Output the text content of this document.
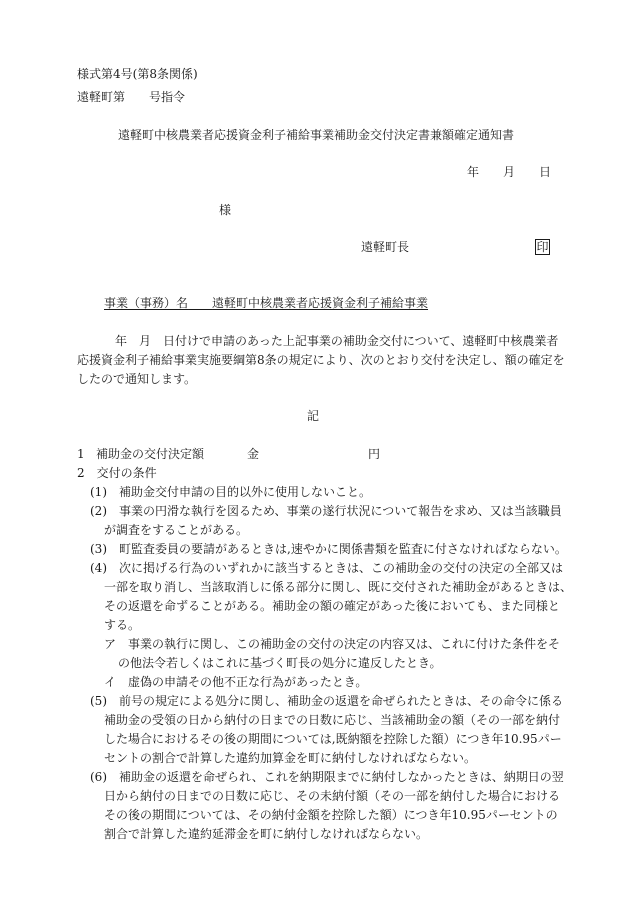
様式第4号(第8条関係)
遠軽町第　　号指令
遠軽町中核農業者応援資金利子補給事業補助金交付決定書兼額確定通知書
年　　月　　日
様
遠軽町長	印
事業（事務）名　　 遠軽町中核農業者応援資金利子補給事業
年　月　日付けで申請のあった上記事業の補助金交付について、遠軽町中核農業者
応援資金利子補給事業実施要綱第8条の規定により、次のとおり交付を決定し、額の確定を
したので通知します。
記
1 補助金の交付決定額	金	円
2　交付の条件
(1)　補助金交付申請の目的以外に使用しないこと。
(2)　事業の円滑な執行を図るため、事業の遂行状況について報告を求め、又は当該職員
が調査をすることがある。
(3)　町監査委員の要請があるときは,速やかに関係書類を監査に付さなければならない。
(4)　次に掲げる行為のいずれかに該当するときは、この補助金の交付の決定の全部又は
一部を取り消し、当該取消しに係る部分に関し、既に交付された補助金があるときは、
その返還を命ずることがある。補助金の額の確定があった後においても、また同様と
する。
ア　事業の執行に関し、この補助金の交付の決定の内容又は、これに付けた条件をそ
の他法令若しくはこれに基づく町長の処分に違反したとき。
イ　虚偽の申請その他不正な行為があったとき。
(5)　前号の規定による処分に関し、補助金の返還を命ぜられたときは、その命令に係る
補助金の受領の日から納付の日までの日数に応じ、当該補助金の額（その一部を納付
した場合におけるその後の期間については,既納額を控除した額）につき年10.95パー
セントの割合で計算した違約加算金を町に納付しなければならない。
(6)　補助金の返還を命ぜられ、これを納期限までに納付しなかったときは、納期日の翌
日から納付の日までの日数に応じ、その未納付額（その一部を納付した場合における
その後の期間については、その納付金額を控除した額）につき年10.95パーセントの
割合で計算した違約延滞金を町に納付しなければならない。
